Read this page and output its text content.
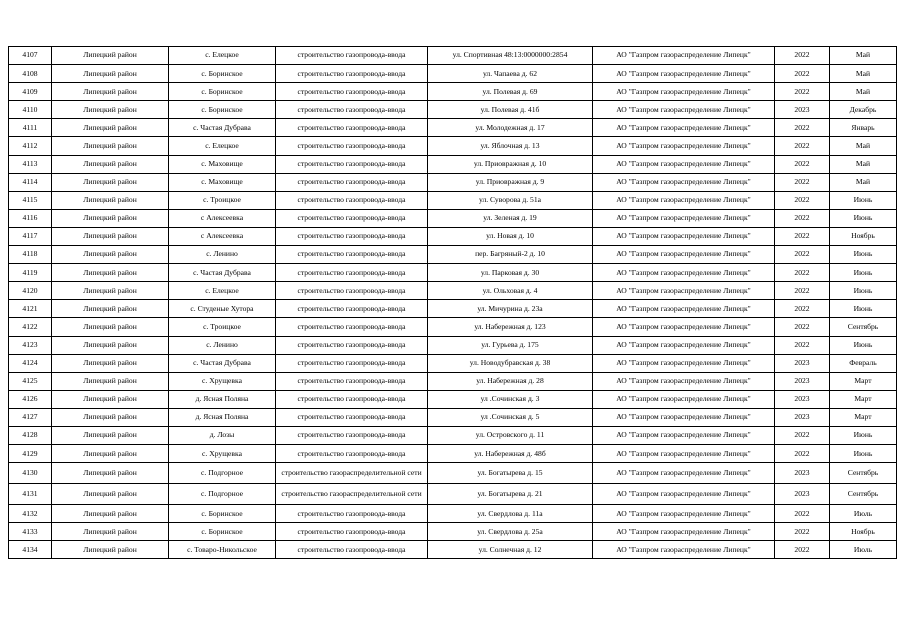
4107	Липецкий район	с. Елецкое	строительство газопровода-ввода	ул. Спортивная 48:13:0000000:2854	АО "Газпром газораспределение Липецк"	2022	Май
4108	Липецкий район	с. Боринское	строительство газопровода-ввода	ул. Чапаева д. 62	АО "Газпром газораспределение Липецк"	2022	Май
4109	Липецкий район	с. Боринское	строительство газопровода-ввода	ул. Полевая д. 69	АО "Газпром газораспределение Липецк"	2022	Май
4110	Липецкий район	с. Боринское	строительство газопровода-ввода	ул. Полевая д. 41б	АО "Газпром газораспределение Липецк"	2023	Декабрь
4111	Липецкий район	с. Частая Дубрава	строительство газопровода-ввода	ул. Молодежная д. 17	АО "Газпром газораспределение Липецк"	2022	Январь
4112	Липецкий район	с. Елецкое	строительство газопровода-ввода	ул. Яблочная д. 13	АО "Газпром газораспределение Липецк"	2022	Май
4113	Липецкий район	с. Маховище	строительство газопровода-ввода	ул. Приовражная д. 10	АО "Газпром газораспределение Липецк"	2022	Май
4114	Липецкий район	с. Маховище	строительство газопровода-ввода	ул. Приовражная д. 9	АО "Газпром газораспределение Липецк"	2022	Май
4115	Липецкий район	с. Троицкое	строительство газопровода-ввода	ул. Суворова д. 51а	АО "Газпром газораспределение Липецк"	2022	Июнь
4116	Липецкий район	с Алексеевка	строительство газопровода-ввода	ул. Зеленая д. 19	АО "Газпром газораспределение Липецк"	2022	Июнь
4117	Липецкий район	с Алексеевка	строительство газопровода-ввода	ул. Новая д. 10	АО "Газпром газораспределение Липецк"	2022	Ноябрь
4118	Липецкий район	с. Ленино	строительство газопровода-ввода	пер. Багряный-2 д. 10	АО "Газпром газораспределение Липецк"	2022	Июнь
4119	Липецкий район	с. Частая Дубрава	строительство газопровода-ввода	ул. Парковая д. 30	АО "Газпром газораспределение Липецк"	2022	Июнь
4120	Липецкий район	с. Елецкое	строительство газопровода-ввода	ул. Ольховая д. 4	АО "Газпром газораспределение Липецк"	2022	Июнь
4121	Липецкий район	с. Студеные Хутора	строительство газопровода-ввода	ул. Мичурина д. 23а	АО "Газпром газораспределение Липецк"	2022	Июнь
4122	Липецкий район	с. Троицкое	строительство газопровода-ввода	ул. Набережная д. 123	АО "Газпром газораспределение Липецк"	2022	Сентябрь
4123	Липецкий район	с. Ленино	строительство газопровода-ввода	ул. Гурьева д. 175	АО "Газпром газораспределение Липецк"	2022	Июнь
4124	Липецкий район	с. Частая Дубрава	строительство газопровода-ввода	ул. Новодубравская д. 38	АО "Газпром газораспределение Липецк"	2023	Февраль
4125	Липецкий район	с. Хрущевка	строительство газопровода-ввода	ул. Набережная д. 28	АО "Газпром газораспределение Липецк"	2023	Март
4126	Липецкий район	д. Ясная Поляна	строительство газопровода-ввода	ул .Сочинская д. 3	АО "Газпром газораспределение Липецк"	2023	Март
4127	Липецкий район	д. Ясная Поляна	строительство газопровода-ввода	ул .Сочинская д. 5	АО "Газпром газораспределение Липецк"	2023	Март
4128	Липецкий район	д. Лозы	строительство газопровода-ввода	ул. Островского д. 11	АО "Газпром газораспределение Липецк"	2022	Июнь
4129	Липецкий район	с. Хрущевка	строительство газопровода-ввода	ул. Набережная д. 48б	АО "Газпром газораспределение Липецк"	2022	Июнь
4130	Липецкий район	с. Подгорное	строительство газораспределительной сети	ул. Богатырева д. 15	АО "Газпром газораспределение Липецк"	2023	Сентябрь
4131	Липецкий район	с. Подгорное	строительство газораспределительной сети	ул. Богатырева д. 21	АО "Газпром газораспределение Липецк"	2023	Сентябрь
4132	Липецкий район	с. Боринское	строительство газопровода-ввода	ул. Свердлова д. 11а	АО "Газпром газораспределение Липецк"	2022	Июль
4133	Липецкий район	с. Боринское	строительство газопровода-ввода	ул. Свердлова д. 25а	АО "Газпром газораспределение Липецк"	2022	Ноябрь
4134	Липецкий район	с. Товаро-Никольское	строительство газопровода-ввода	ул. Солнечная д. 12	АО "Газпром газораспределение Липецк"	2022	Июль
